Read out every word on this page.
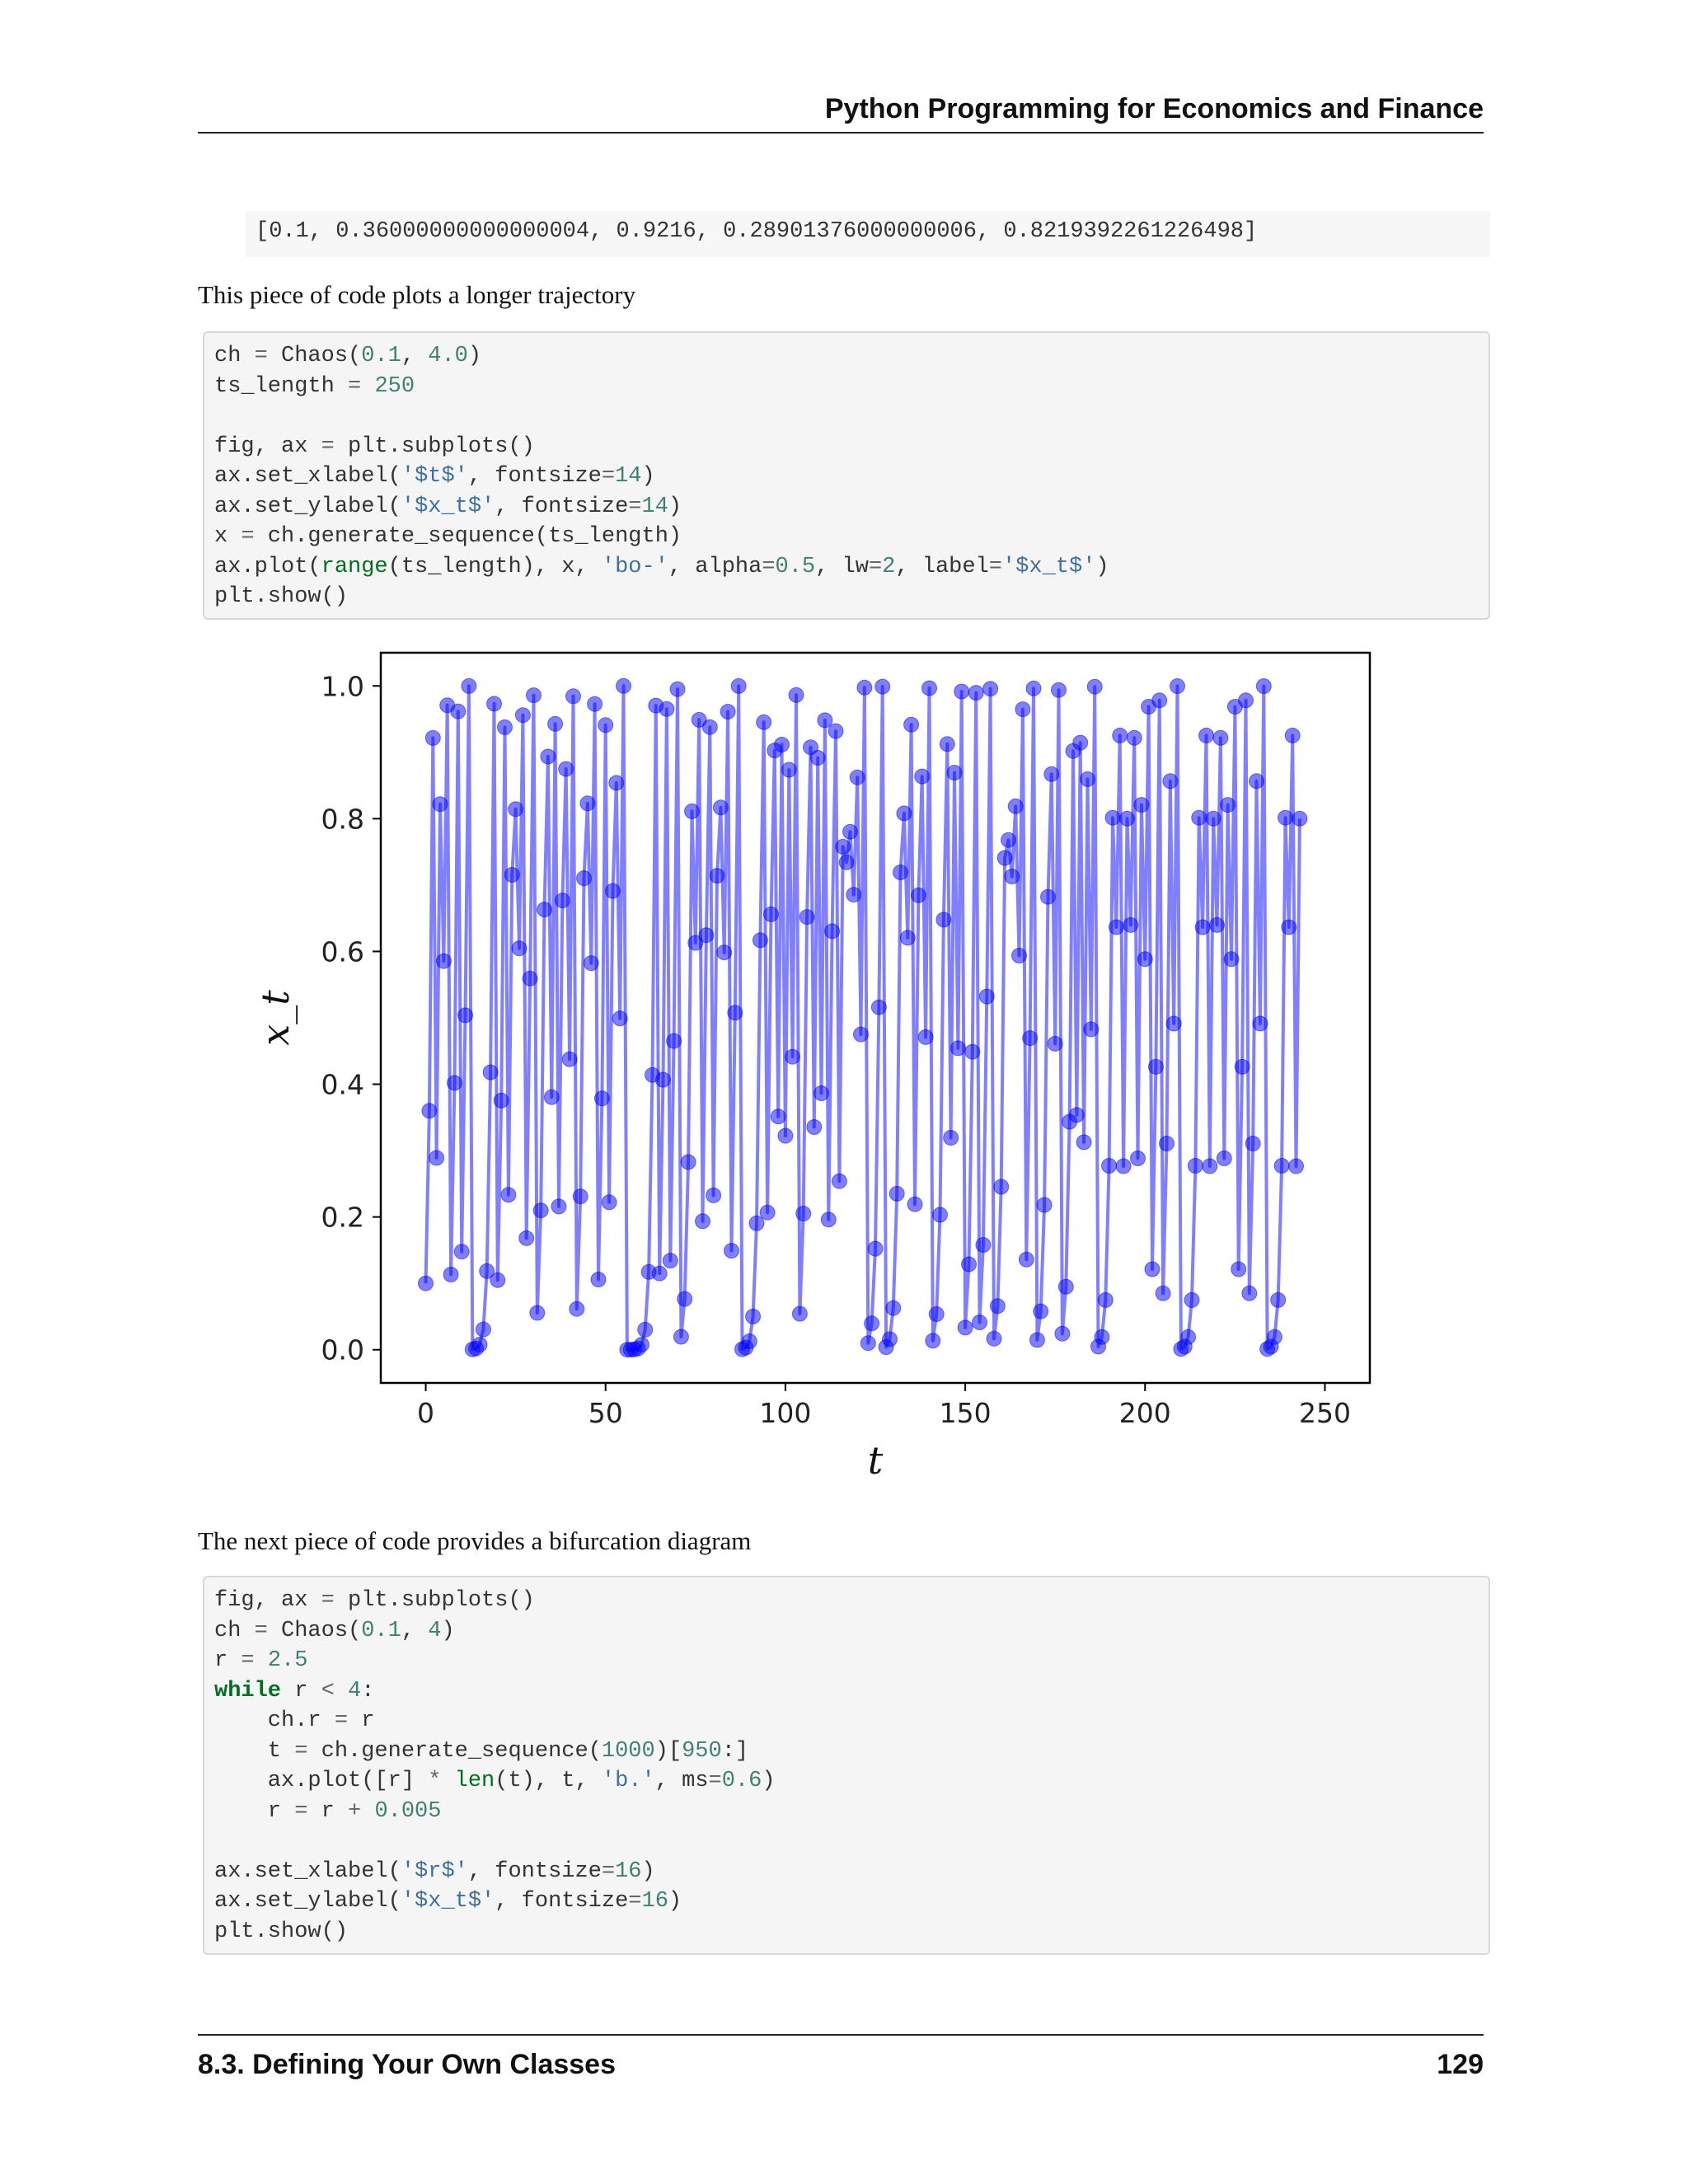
Python Programming for Economics and Finance
[0.1, 0.36000000000000004, 0.9216, 0.28901376000000006, 0.8219392261226498]
This piece of code plots a longer trajectory
ch = Chaos(0.1, 4.0)
ts_length = 250

fig, ax = plt.subplots()
ax.set_xlabel('$t$', fontsize=14)
ax.set_ylabel('$x_t$', fontsize=14)
x = ch.generate_sequence(ts_length)
ax.plot(range(ts_length), x, 'bo-', alpha=0.5, lw=2, label='$x_t$')
plt.show()
0	50	100	150	200	250
0.0
0.2
0.4
0.6
0.8
1.0
t
x_t
The next piece of code provides a bifurcation diagram
fig, ax = plt.subplots()
ch = Chaos(0.1, 4)
r = 2.5
while r < 4:
ch.r = r
t = ch.generate_sequence(1000)[950:]
ax.plot([r] * len(t), t, 'b.', ms=0.6)
r = r + 0.005

ax.set_xlabel('$r$', fontsize=16)
ax.set_ylabel('$x_t$', fontsize=16)
plt.show()
8.3. Defining Your Own Classes	129
